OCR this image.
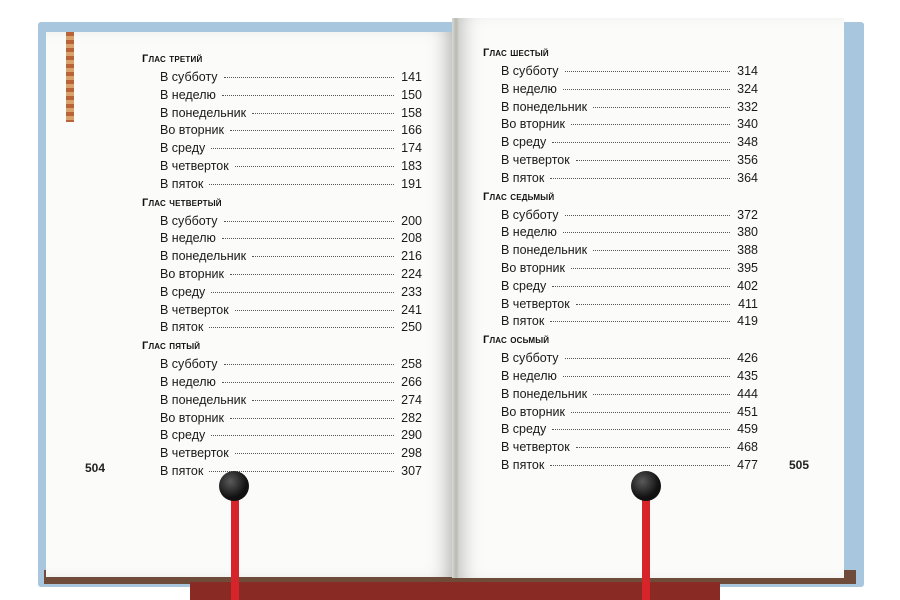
Глас третий
В субботу	141
В неделю	150
В понедельник	158
Во вторник	166
В среду	174
В четверток	183
В пяток	191
Глас четвертый
В субботу	200
В неделю	208
В понедельник	216
Во вторник	224
В среду	233
В четверток	241
В пяток	250
Глас пятый
В субботу	258
В неделю	266
В понедельник	274
Во вторник	282
В среду	290
В четверток	298
В пяток	307
Глас шестый
В субботу	314
В неделю	324
В понедельник	332
Во вторник	340
В среду	348
В четверток	356
В пяток	364
Глас седьмый
В субботу	372
В неделю	380
В понедельник	388
Во вторник	395
В среду	402
В четверток	411
В пяток	419
Глас осьмый
В субботу	426
В неделю	435
В понедельник	444
Во вторник	451
В среду	459
В четверток	468
В пяток	477
504	505
